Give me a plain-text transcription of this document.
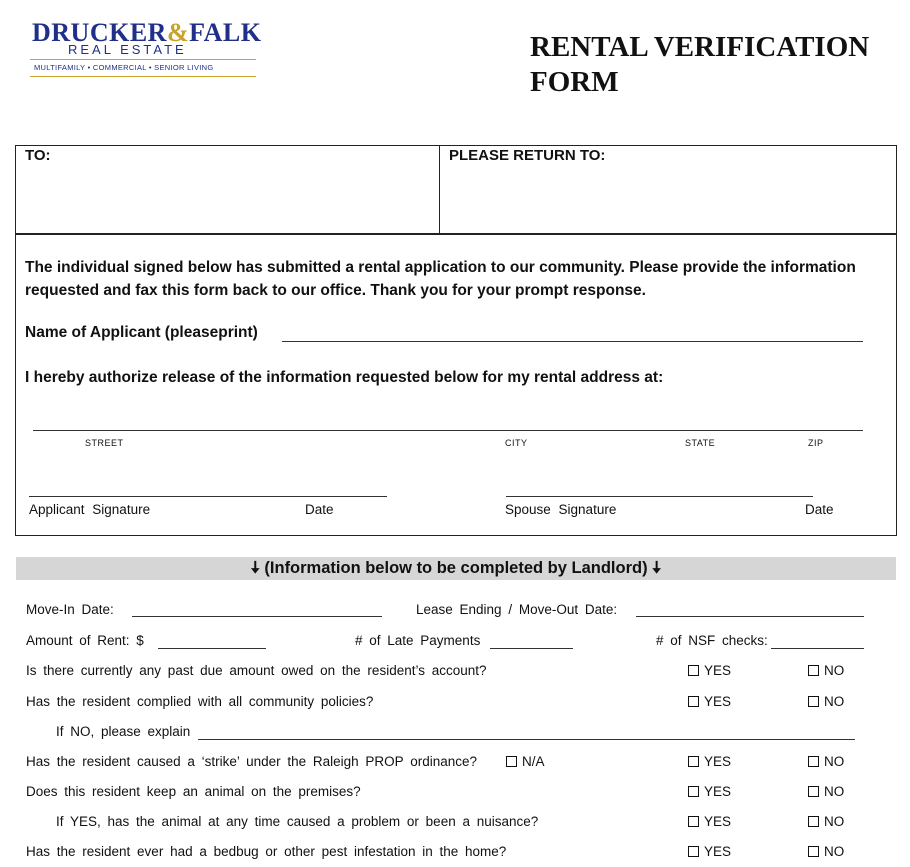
DRUCKER&FALK
REAL ESTATE
MULTIFAMILY • COMMERCIAL • SENIOR LIVING
RENTAL VERIFICATION FORM
TO:	PLEASE RETURN TO:
The individual signed below has submitted a rental application to our community. Please provide the information requested and fax this form back to our office. Thank you for your prompt response.
Name of Applicant (pleaseprint)
I hereby authorize release of the information requested below for my rental address at:
STREET	CITY	STATE	ZIP
Applicant Signature	Date	Spouse Signature	Date
🠇 (Information below to be completed by Landlord) 🠇
Move-In Date:	Lease Ending / Move-Out Date:
Amount of Rent: $	# of Late Payments	# of NSF checks:
Is there currently any past due amount owed on the resident’s account?	YES	NO
Has the resident complied with all community policies?	YES	NO
If NO, please explain
Has the resident caused a ‘strike’ under the Raleigh PROP ordinance?	N/A	YES	NO
Does this resident keep an animal on the premises?	YES	NO
If YES, has the animal at any time caused a problem or been a nuisance?	YES	NO
Has the resident ever had a bedbug or other pest infestation in the home?	YES	NO
